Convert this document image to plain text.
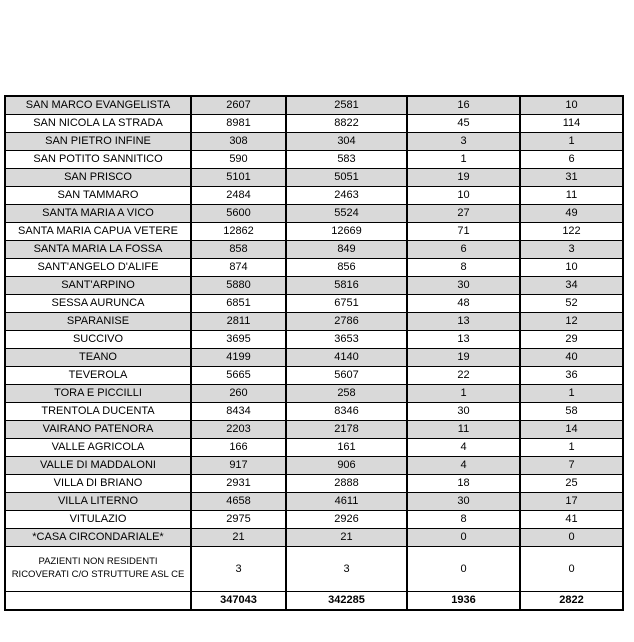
SAN MARCO EVANGELISTA	2607	2581	16	10
SAN NICOLA LA STRADA	8981	8822	45	114
SAN PIETRO INFINE	308	304	3	1
SAN POTITO SANNITICO	590	583	1	6
SAN PRISCO	5101	5051	19	31
SAN TAMMARO	2484	2463	10	11
SANTA MARIA A VICO	5600	5524	27	49
SANTA MARIA CAPUA VETERE	12862	12669	71	122
SANTA MARIA LA FOSSA	858	849	6	3
SANT'ANGELO D'ALIFE	874	856	8	10
SANT'ARPINO	5880	5816	30	34
SESSA AURUNCA	6851	6751	48	52
SPARANISE	2811	2786	13	12
SUCCIVO	3695	3653	13	29
TEANO	4199	4140	19	40
TEVEROLA	5665	5607	22	36
TORA E PICCILLI	260	258	1	1
TRENTOLA DUCENTA	8434	8346	30	58
VAIRANO PATENORA	2203	2178	11	14
VALLE AGRICOLA	166	161	4	1
VALLE DI MADDALONI	917	906	4	7
VILLA DI BRIANO	2931	2888	18	25
VILLA LITERNO	4658	4611	30	17
VITULAZIO	2975	2926	8	41
*CASA CIRCONDARIALE*	21	21	0	0
PAZIENTI NON RESIDENTI RICOVERATI C/O STRUTTURE ASL CE	3	3	0	0
	347043	342285	1936	2822
